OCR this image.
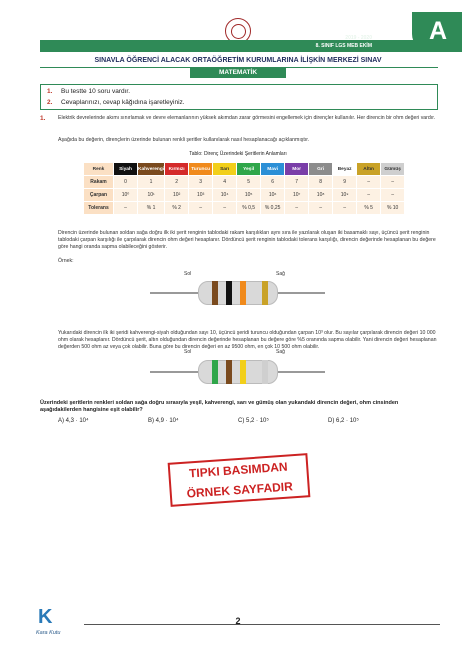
2019 - 2020
8. SINIF LGS MEB EKİM
A
SINAVLA ÖĞRENCİ ALACAK ORTAÖĞRETİM KURUMLARINA İLİŞKİN MERKEZİ SINAV
MATEMATİK
1. Bu testte 10 soru vardır.
2. Cevaplarınızı, cevap kâğıdına işaretleyiniz.
1. Elektrik devrelerinde akımı sınırlamak ve devre elemanlarının yüksek akımdan zarar görmesini engellemek için dirençler kullanılır. Her direncin bir ohm değeri vardır.
Aşağıda bu değerin, dirençlerin üzerinde bulunan renkli şeritler kullanılarak nasıl hesaplanacağı açıklanmıştır.
Tablo: Direnç Üzerindeki Şeritlerin Anlamları
Renk	Siyah	Kahverengi	Kırmızı	Turuncu	Sarı	Yeşil	Mavi	Mor	Gri	Beyaz	Altın	Gümüş
Rakam	0	1	2	3	4	5	6	7	8	9	–	–
Çarpan	10⁰	10¹	10²	10³	10⁴	10⁵	10⁶	10⁷	10⁸	10⁹	–	–
Tolerans	–	% 1	% 2	–	–	% 0,5	% 0,25	–	–	–	% 5	% 10
Direncin üzerinde bulunan soldan sağa doğru ilk iki şerit renginin tablodaki rakam karşılıkları aynı sıra ile yazılarak oluşan iki basamaklı sayı, üçüncü şerit renginin tablodaki çarpan karşılığı ile çarpılarak direncin ohm değeri hesaplanır. Dördüncü şerit renginin tablodaki tolerans karşılığı, direncin değerinde hesaplanan bu değere göre hangi oranda sapma olabileceğini gösterir.
Örnek:
Sol	Sağ
Yukarıdaki direncin ilk iki şeridi kahverengi-siyah olduğundan sayı 10, üçüncü şeridi turuncu olduğundan çarpan 10³ olur. Bu sayılar çarpılarak direncin değeri 10 000 ohm olarak hesaplanır. Dördüncü şerit, altın olduğundan direncin değerinde hesaplanan bu değere göre %5 oranında sapma olabilir. Yani direncin değeri hesaplanan değerden 500 ohm az veya çok olabilir. Buna göre bu direncin değeri en az 9500 ohm, en çok 10 500 ohm olabilir.
Sol	Sağ
Üzerindeki şeritlerin renkleri soldan sağa doğru sırasıyla yeşil, kahverengi, sarı ve gümüş olan yukarıdaki direncin değeri, ohm cinsinden aşağıdakilerden hangisine eşit olabilir?
A) 4,3 · 10⁴	B) 4,9 · 10⁴	C) 5,2 · 10⁵	D) 6,2 · 10⁵
TIPKI BASIMDAN
ÖRNEK SAYFADIR
K
Kara Kutu
2
